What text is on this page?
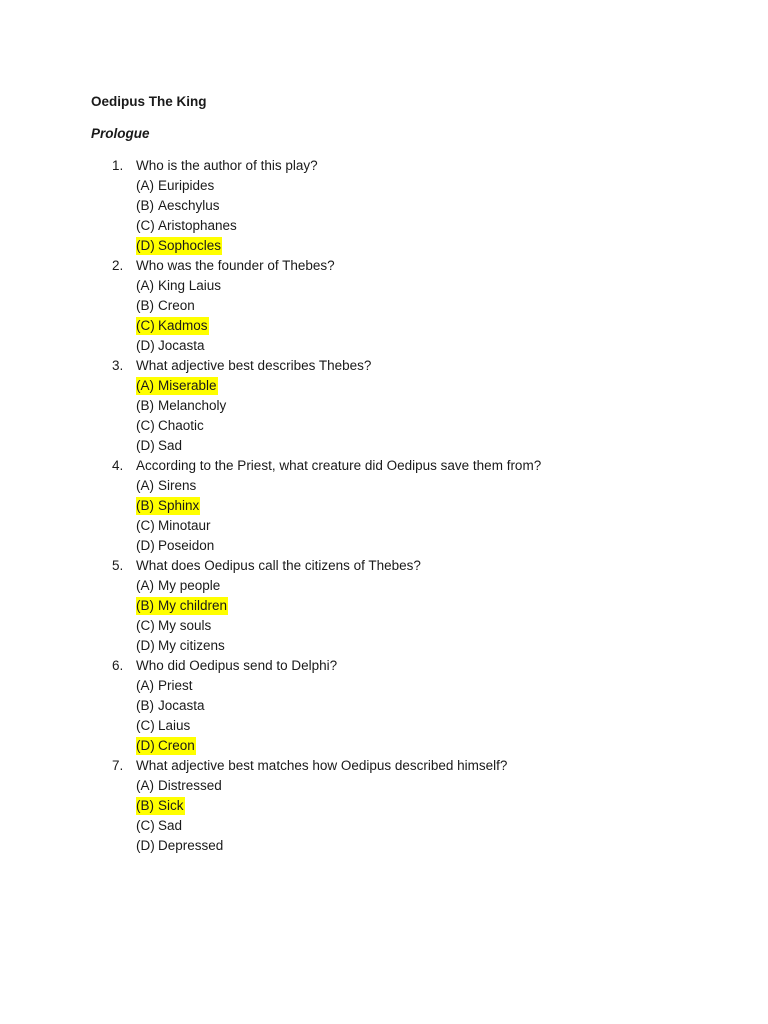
Oedipus The King
Prologue
1. Who is the author of this play?
(A) Euripides
(B) Aeschylus
(C) Aristophanes
(D) Sophocles
2. Who was the founder of Thebes?
(A) King Laius
(B) Creon
(C) Kadmos
(D) Jocasta
3. What adjective best describes Thebes?
(A) Miserable
(B) Melancholy
(C) Chaotic
(D) Sad
4. According to the Priest, what creature did Oedipus save them from?
(A) Sirens
(B) Sphinx
(C) Minotaur
(D) Poseidon
5. What does Oedipus call the citizens of Thebes?
(A) My people
(B) My children
(C) My souls
(D) My citizens
6. Who did Oedipus send to Delphi?
(A) Priest
(B) Jocasta
(C) Laius
(D) Creon
7. What adjective best matches how Oedipus described himself?
(A) Distressed
(B) Sick
(C) Sad
(D) Depressed
